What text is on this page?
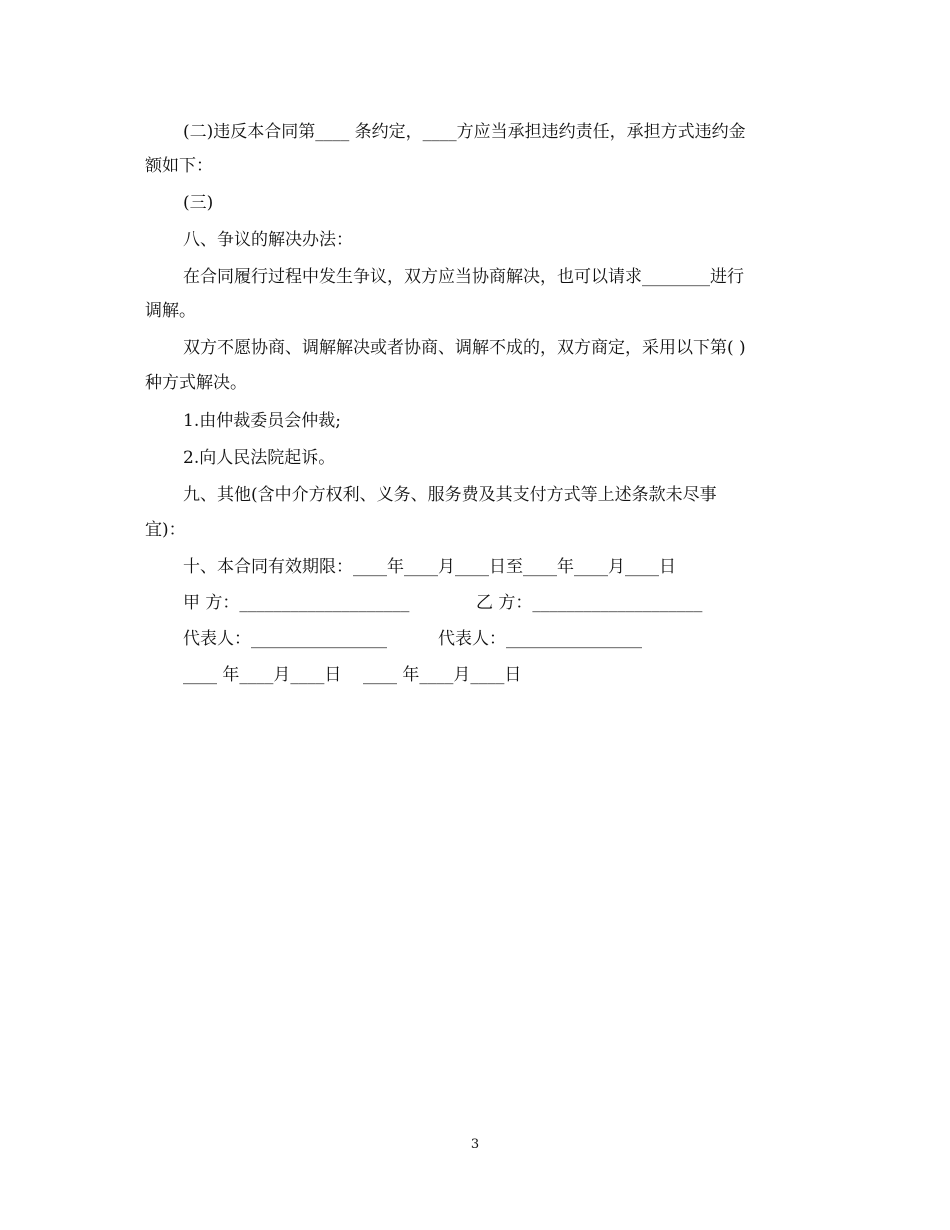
(二)违反本合同第____ 条约定，____方应当承担违约责任，承担方式违约金
额如下：
(三)
八、争议的解决办法：
在合同履行过程中发生争议，双方应当协商解决，也可以请求________进行
调解。
双方不愿协商、调解解决或者协商、调解不成的，双方商定，采用以下第( )
种方式解决。
1.由仲裁委员会仲裁;
2.向人民法院起诉。
九、其他(含中介方权利、义务、服务费及其支付方式等上述条款未尽事
宜)：
十、本合同有效期限：____年____月____日至____年____月____日
甲 方：____________________	乙 方：____________________
代表人：________________	代表人：________________
____ 年____月____日 ____ 年____月____日
3
